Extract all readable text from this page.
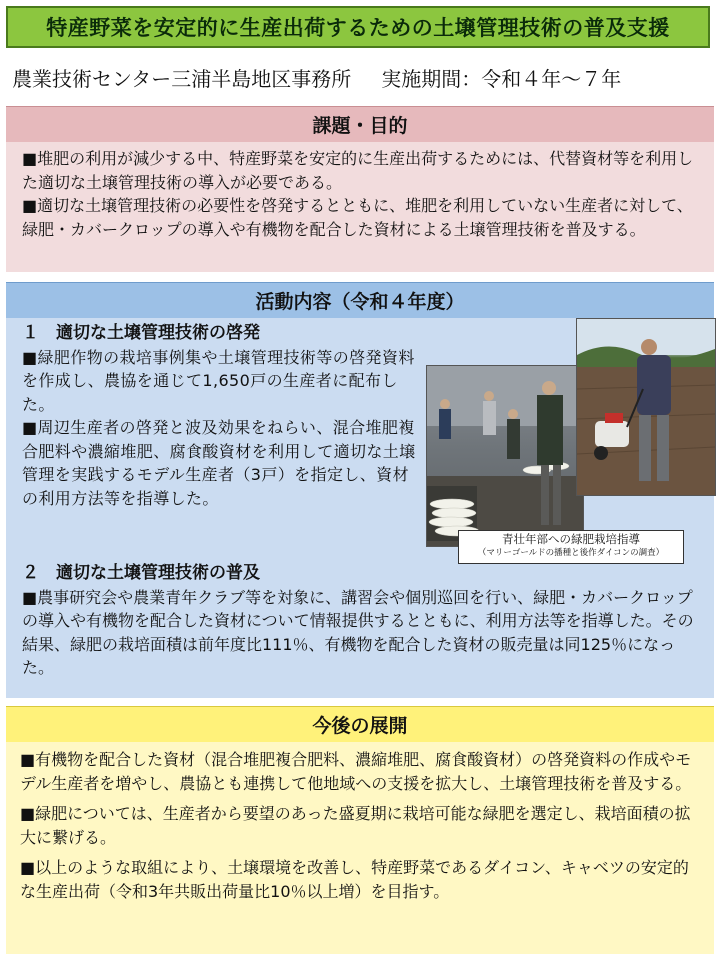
特産野菜を安定的に生産出荷するための土壌管理技術の普及支援
農業技術センター三浦半島地区事務所 実施期間：令和４年～７年
課題・目的

■堆肥の利用が減少する中、特産野菜を安定的に生産出荷するためには、代替資材等を利用した適切な土壌管理技術の導入が必要である。

■適切な土壌管理技術の必要性を啓発するとともに、堆肥を利用していない生産者に対して、緑肥・カバークロップの導入や有機物を配合した資材による土壌管理技術を普及する。

活動内容（令和４年度）

１　適切な土壌管理技術の啓発

■緑肥作物の栽培事例集や土壌管理技術等の啓発資料を作成し、農協を通じて1,650戸の生産者に配布した。

■周辺生産者の啓発と波及効果をねらい、混合堆肥複合肥料や濃縮堆肥、腐食酸資材を利用して適切な土壌管理を実践するモデル生産者（3戸）を指定し、資材の利用方法等を指導した。

青壮年部への緑肥栽培指導
（マリーゴールドの播種と後作ダイコンの調査）

２　適切な土壌管理技術の普及

■農事研究会や農業青年クラブ等を対象に、講習会や個別巡回を行い、緑肥・カバークロップの導入や有機物を配合した資材について情報提供するとともに、利用方法等を指導した。その結果、緑肥の栽培面積は前年度比111％、有機物を配合した資材の販売量は同125％になった。

今後の展開

■有機物を配合した資材（混合堆肥複合肥料、濃縮堆肥、腐食酸資材）の啓発資料の作成やモデル生産者を増やし、農協とも連携して他地域への支援を拡大し、土壌管理技術を普及する。

■緑肥については、生産者から要望のあった盛夏期に栽培可能な緑肥を選定し、栽培面積の拡大に繋げる。

■以上のような取組により、土壌環境を改善し、特産野菜であるダイコン、キャベツの安定的な生産出荷（令和3年共販出荷量比10％以上増）を目指す。
